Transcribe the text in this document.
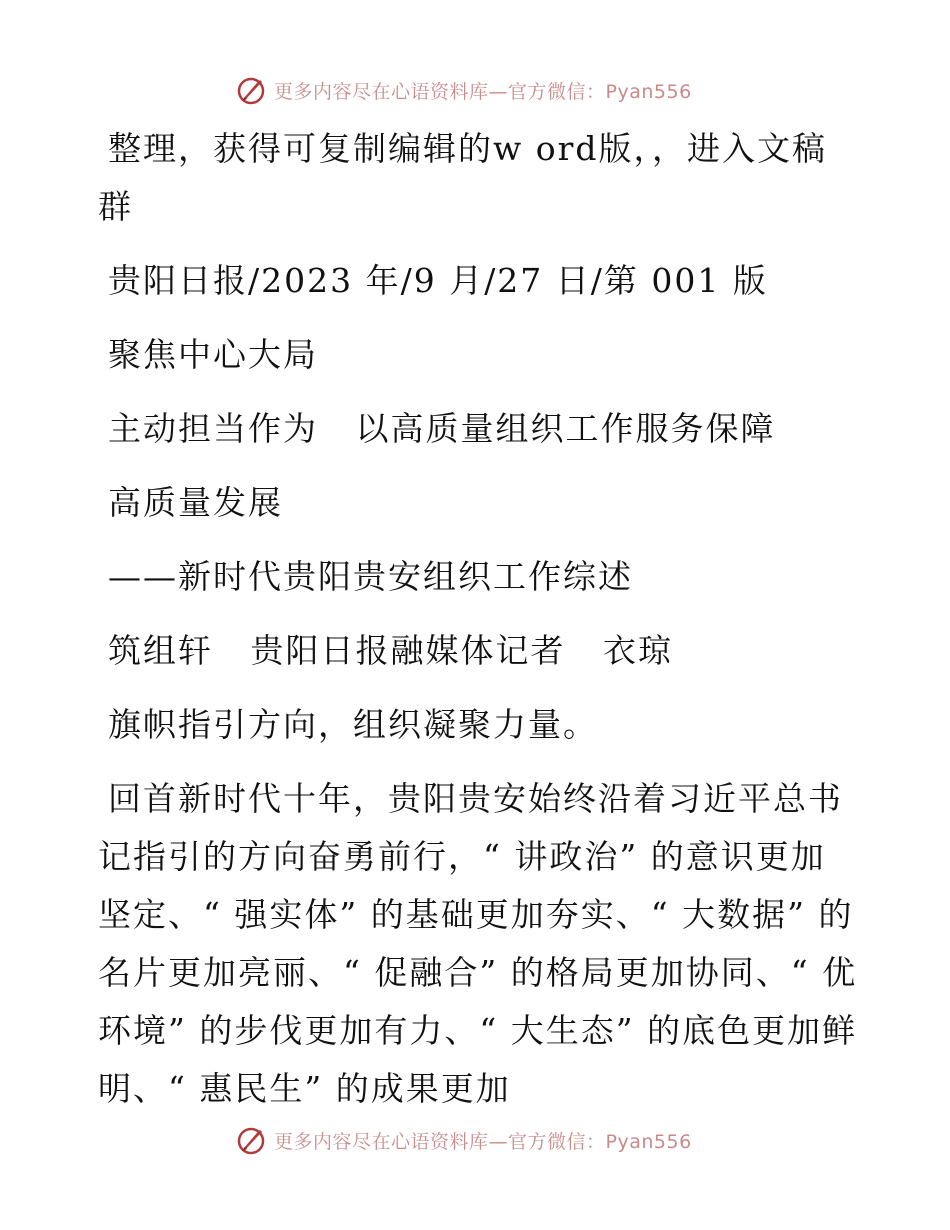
更多内容尽在心语资料库—官方微信：Pyan556

整理，获得可复制编辑的w ord版，，进入文稿群

贵阳日报/2023 年/9 月/27 日/第 001 版

聚焦中心大局

主动担当作为   以高质量组织工作服务保障

高质量发展

——新时代贵阳贵安组织工作综述

筑组轩   贵阳日报融媒体记者   衣琼

旗帜指引方向，组织凝聚力量。

回首新时代十年，贵阳贵安始终沿着习近平总书记指引的方向奋勇前行，“ 讲政治” 的意识更加坚定、“ 强实体” 的基础更加夯实、“ 大数据” 的名片更加亮丽、“ 促融合” 的格局更加协同、“ 优环境” 的步伐更加有力、“ 大生态” 的底色更加鲜明、“ 惠民生” 的成果更加

更多内容尽在心语资料库—官方微信：Pyan556
